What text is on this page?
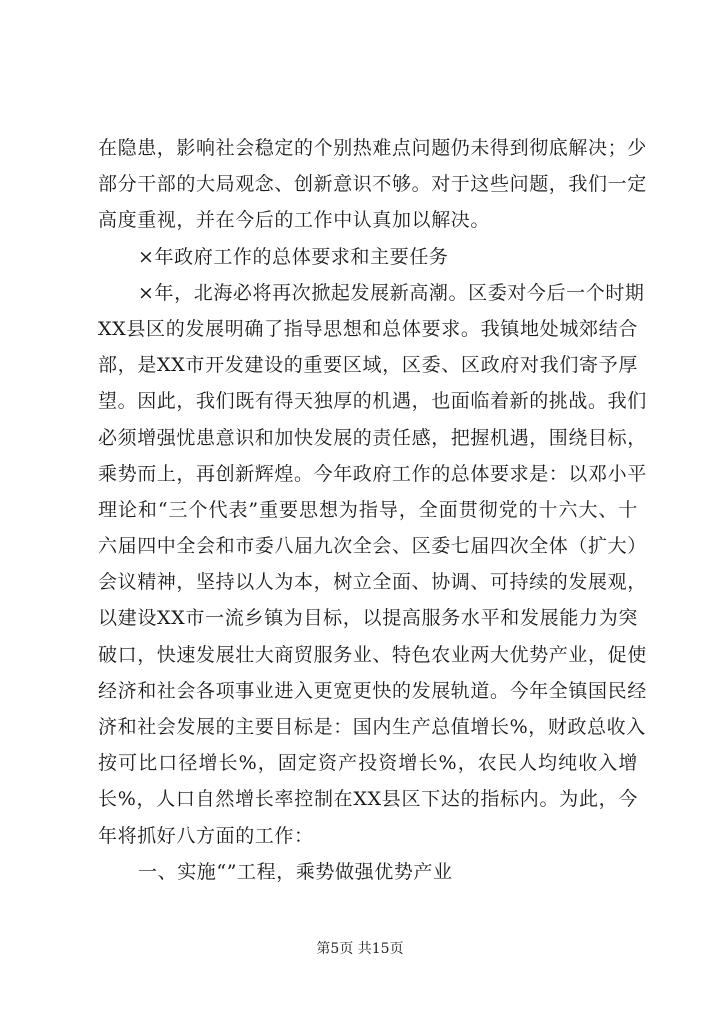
在隐患，影响社会稳定的个别热难点问题仍未得到彻底解决；少
部分干部的大局观念、创新意识不够。对于这些问题，我们一定
高度重视，并在今后的工作中认真加以解决。
×年政府工作的总体要求和主要任务
×年，北海必将再次掀起发展新高潮。区委对今后一个时期
XX县区的发展明确了指导思想和总体要求。我镇地处城郊结合
部，是XX市开发建设的重要区域，区委、区政府对我们寄予厚
望。因此，我们既有得天独厚的机遇，也面临着新的挑战。我们
必须增强忧患意识和加快发展的责任感，把握机遇，围绕目标，
乘势而上，再创新辉煌。今年政府工作的总体要求是：以邓小平
理论和“三个代表”重要思想为指导，全面贯彻党的十六大、十
六届四中全会和市委八届九次全会、区委七届四次全体（扩大）
会议精神，坚持以人为本，树立全面、协调、可持续的发展观，
以建设XX市一流乡镇为目标，以提高服务水平和发展能力为突
破口，快速发展壮大商贸服务业、特色农业两大优势产业，促使
经济和社会各项事业进入更宽更快的发展轨道。今年全镇国民经
济和社会发展的主要目标是：国内生产总值增长%，财政总收入
按可比口径增长%，固定资产投资增长%，农民人均纯收入增
长%，人口自然增长率控制在XX县区下达的指标内。为此，今
年将抓好八方面的工作：
一、实施“”工程，乘势做强优势产业
第5页 共15页
